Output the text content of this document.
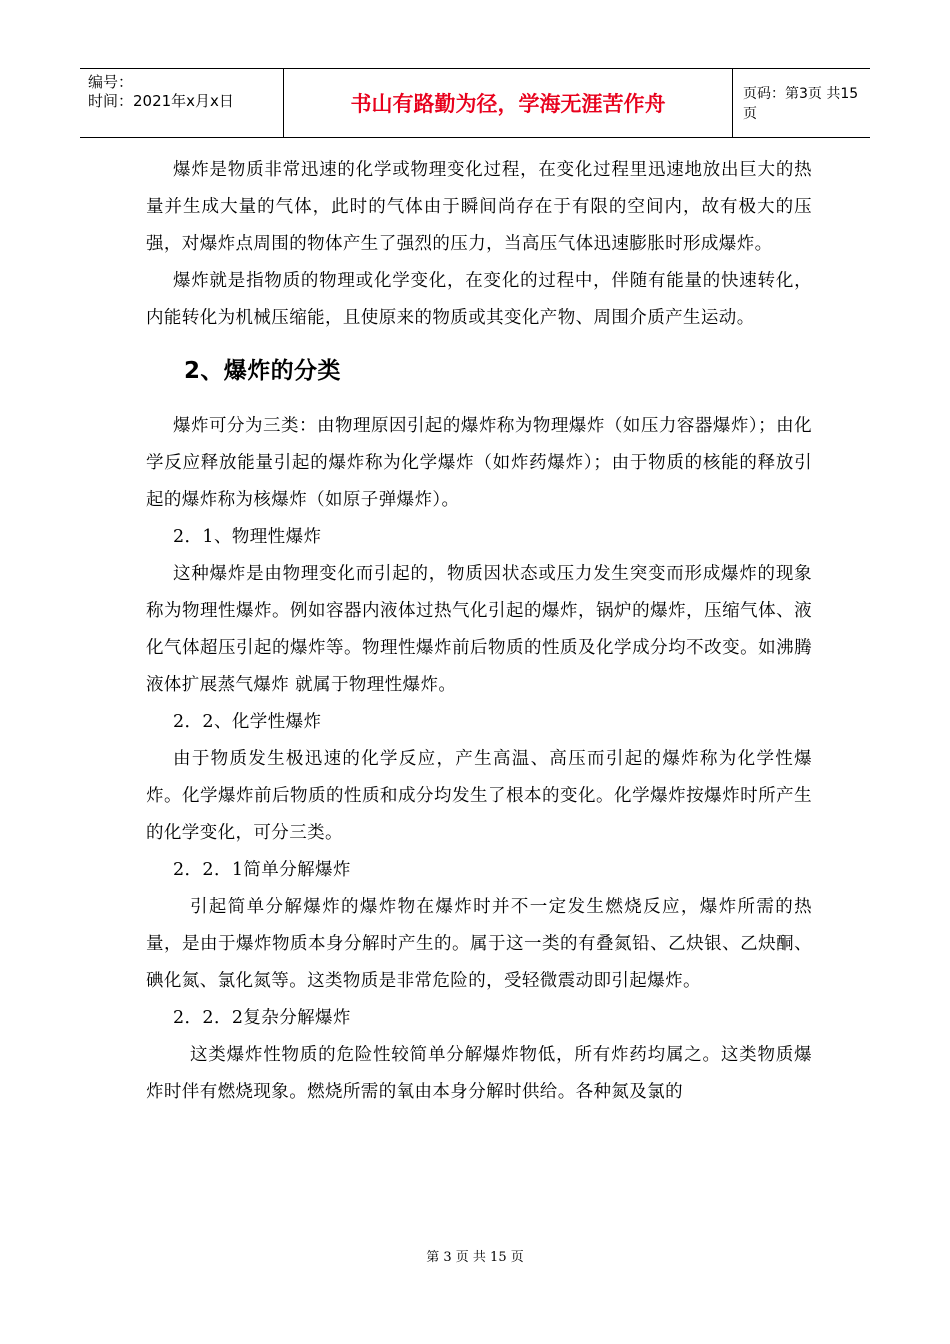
编号：
时间：2021年x月x日	书山有路勤为径，学海无涯苦作舟	页码：第3页 共15页

爆炸是物质非常迅速的化学或物理变化过程，在变化过程里迅速地放出巨大的热量并生成大量的气体，此时的气体由于瞬间尚存在于有限的空间内，故有极大的压强，对爆炸点周围的物体产生了强烈的压力，当高压气体迅速膨胀时形成爆炸。

爆炸就是指物质的物理或化学变化，在变化的过程中，伴随有能量的快速转化，内能转化为机械压缩能，且使原来的物质或其变化产物、周围介质产生运动。

2、爆炸的分类

爆炸可分为三类：由物理原因引起的爆炸称为物理爆炸（如压力容器爆炸）；由化学反应释放能量引起的爆炸称为化学爆炸（如炸药爆炸）；由于物质的核能的释放引起的爆炸称为核爆炸（如原子弹爆炸）。

2．1、物理性爆炸

这种爆炸是由物理变化而引起的，物质因状态或压力发生突变而形成爆炸的现象称为物理性爆炸。例如容器内液体过热气化引起的爆炸，锅炉的爆炸，压缩气体、液化气体超压引起的爆炸等。物理性爆炸前后物质的性质及化学成分均不改变。如沸腾液体扩展蒸气爆炸 就属于物理性爆炸。

2．2、化学性爆炸

由于物质发生极迅速的化学反应，产生高温、高压而引起的爆炸称为化学性爆炸。化学爆炸前后物质的性质和成分均发生了根本的变化。化学爆炸按爆炸时所产生的化学变化，可分三类。

2．2．1简单分解爆炸

引起简单分解爆炸的爆炸物在爆炸时并不一定发生燃烧反应，爆炸所需的热量，是由于爆炸物质本身分解时产生的。属于这一类的有叠氮铅、乙炔银、乙炔酮、碘化氮、氯化氮等。这类物质是非常危险的，受轻微震动即引起爆炸。

2．2．2复杂分解爆炸

这类爆炸性物质的危险性较简单分解爆炸物低，所有炸药均属之。这类物质爆炸时伴有燃烧现象。燃烧所需的氧由本身分解时供给。各种氮及氯的

第 3 页 共 15 页
